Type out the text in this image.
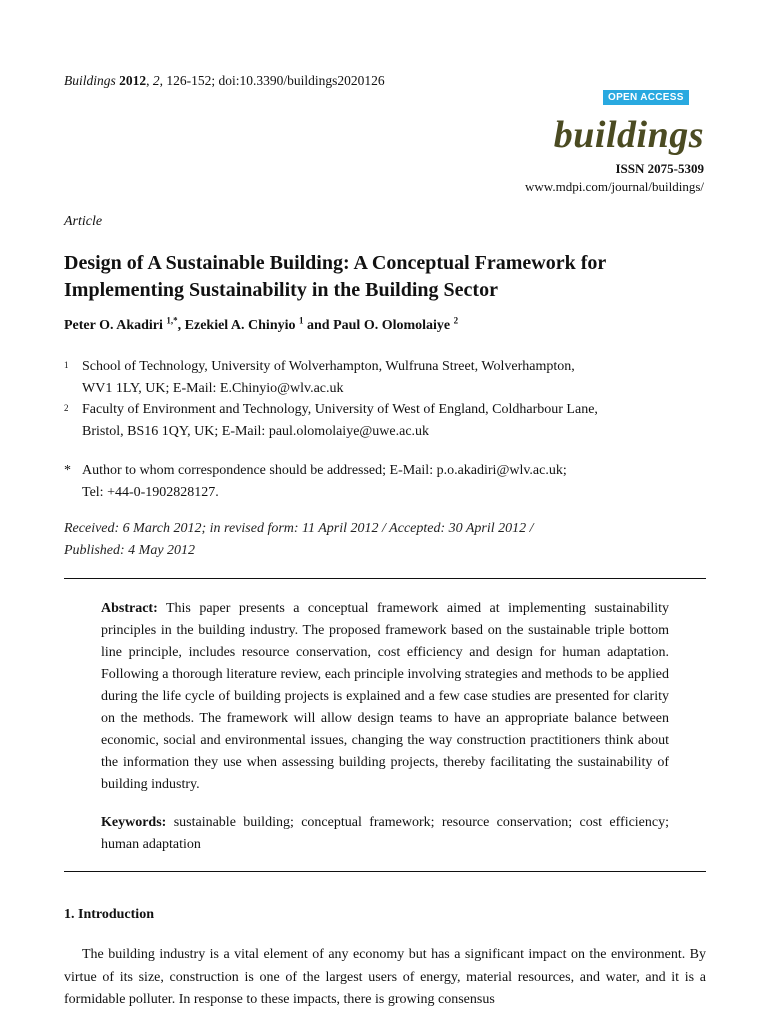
Buildings 2012, 2, 126-152; doi:10.3390/buildings2020126
OPEN ACCESS
buildings
ISSN 2075-5309
www.mdpi.com/journal/buildings/
Article
Design of A Sustainable Building: A Conceptual Framework for Implementing Sustainability in the Building Sector
Peter O. Akadiri $^{1,*}$, Ezekiel A. Chinyio $^1$ and Paul O. Olomolaiye $^2$
1 School of Technology, University of Wolverhampton, Wulfruna Street, Wolverhampton,
WV1 1LY, UK; E-Mail: E.Chinyio@wlv.ac.uk
2 Faculty of Environment and Technology, University of West of England, Coldharbour Lane,
Bristol, BS16 1QY, UK; E-Mail: paul.olomolaiye@uwe.ac.uk
* Author to whom correspondence should be addressed; E-Mail: p.o.akadiri@wlv.ac.uk;
Tel: +44-0-1902828127.
Received: 6 March 2012; in revised form: 11 April 2012 / Accepted: 30 April 2012 /
Published: 4 May 2012
Abstract: This paper presents a conceptual framework aimed at implementing sustainability principles in the building industry. The proposed framework based on the sustainable triple bottom line principle, includes resource conservation, cost efficiency and design for human adaptation. Following a thorough literature review, each principle involving strategies and methods to be applied during the life cycle of building projects is explained and a few case studies are presented for clarity on the methods. The framework will allow design teams to have an appropriate balance between economic, social and environmental issues, changing the way construction practitioners think about the information they use when assessing building projects, thereby facilitating the sustainability of building industry.
Keywords: sustainable building; conceptual framework; resource conservation; cost efficiency; human adaptation
1. Introduction
The building industry is a vital element of any economy but has a significant impact on the environment. By virtue of its size, construction is one of the largest users of energy, material resources, and water, and it is a formidable polluter. In response to these impacts, there is growing consensus
